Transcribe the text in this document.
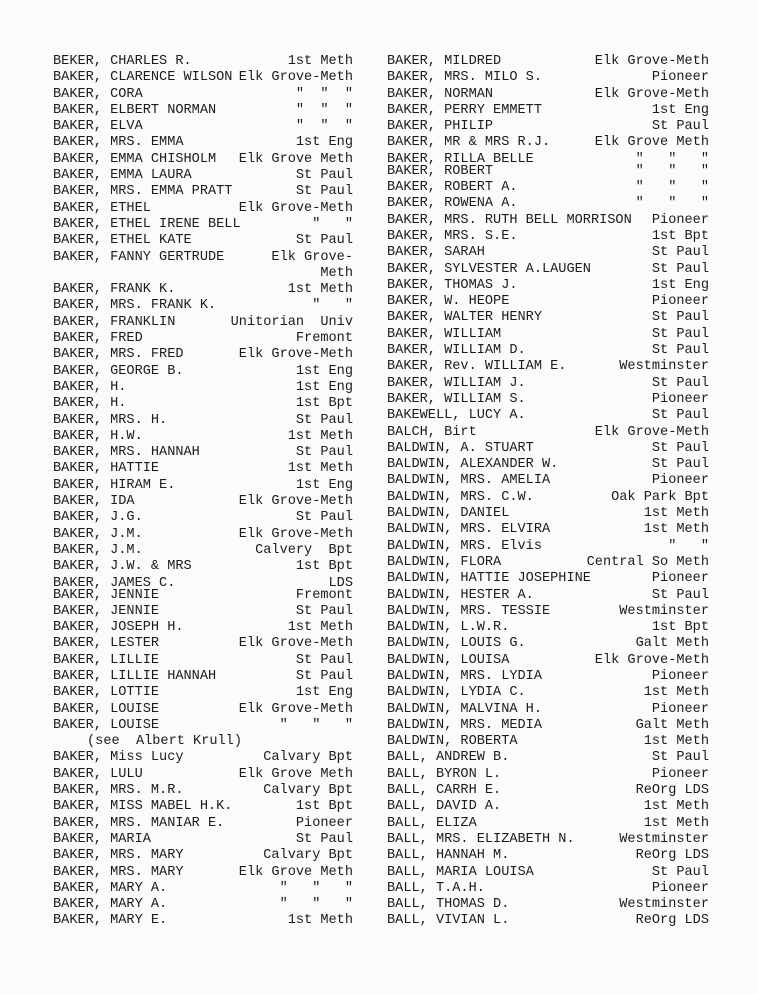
BEKER, CHARLES R.	1st Meth
BAKER, CLARENCE WILSON Elk Grove-Meth
BAKER, CORA	"  "  "
BAKER, ELBERT NORMAN	"  "  "
BAKER, ELVA	"  "  "
BAKER, MRS. EMMA	1st Eng
BAKER, EMMA CHISHOLM Elk Grove Meth
BAKER, EMMA LAURA	St Paul
BAKER, MRS. EMMA PRATT	St Paul
BAKER, ETHEL	Elk Grove-Meth
BAKER, ETHEL IRENE BELL	"   "
BAKER, ETHEL KATE	St Paul
BAKER, FANNY GERTRUDE	Elk Grove-Meth
BAKER, FRANK K.	1st Meth
BAKER, MRS. FRANK K.	"   "
BAKER, FRANKLIN	Unitorian  Univ
BAKER, FRED	Fremont
BAKER, MRS. FRED	Elk Grove-Meth
BAKER, GEORGE B.	1st Eng
BAKER, H.	1st Eng
BAKER, H.	1st Bpt
BAKER, MRS. H.	St Paul
BAKER, H.W.	1st Meth
BAKER, MRS. HANNAH	St Paul
BAKER, HATTIE	1st Meth
BAKER, HIRAM E.	1st Eng
BAKER, IDA	Elk Grove-Meth
BAKER, J.G.	St Paul
BAKER, J.M.	Elk Grove-Meth
BAKER, J.M.	Calvery  Bpt
BAKER, J.W. & MRS	1st Bpt
BAKER, JAMES C.	LDS
BAKER, JENNIE	Fremont
BAKER, JENNIE	St Paul
BAKER, JOSEPH H.	1st Meth
BAKER, LESTER	Elk Grove-Meth
BAKER, LILLIE	St Paul
BAKER, LILLIE HANNAH	St Paul
BAKER, LOTTIE	1st Eng
BAKER, LOUISE	Elk Grove-Meth
BAKER, LOUISE	"   "   "
(see  Albert Krull)
BAKER, Miss Lucy	Calvary Bpt
BAKER, LULU	Elk Grove Meth
BAKER, MRS. M.R.	Calvary Bpt
BAKER, MISS MABEL H.K.	1st Bpt
BAKER, MRS. MANIAR E.	Pioneer
BAKER, MARIA	St Paul
BAKER, MRS. MARY	Calvary Bpt
BAKER, MRS. MARY	Elk Grove Meth
BAKER, MARY A.	"   "   "
BAKER, MARY A.	"   "   "
BAKER, MARY E.	1st Meth
BAKER, MILDRED	Elk Grove-Meth
BAKER, MRS. MILO S.	Pioneer
BAKER, NORMAN	Elk Grove-Meth
BAKER, PERRY EMMETT	1st Eng
BAKER, PHILIP	St Paul
BAKER, MR & MRS R.J.	Elk Grove Meth
BAKER, RILLA BELLE	"   "   "
BAKER, ROBERT	"   "   "
BAKER, ROBERT A.	"   "   "
BAKER, ROWENA A.	"   "   "
BAKER, MRS. RUTH BELL MORRISON Pioneer
BAKER, MRS. S.E.	1st Bpt
BAKER, SARAH	St Paul
BAKER, SYLVESTER A.LAUGEN	St Paul
BAKER, THOMAS J.	1st Eng
BAKER, W. HEOPE	Pioneer
BAKER, WALTER HENRY	St Paul
BAKER, WILLIAM	St Paul
BAKER, WILLIAM D.	St Paul
BAKER, Rev. WILLIAM E.	Westminster
BAKER, WILLIAM J.	St Paul
BAKER, WILLIAM S.	Pioneer
BAKEWELL, LUCY A.	St Paul
BALCH, Birt	Elk Grove-Meth
BALDWIN, A. STUART	St Paul
BALDWIN, ALEXANDER W.	St Paul
BALDWIN, MRS. AMELIA	Pioneer
BALDWIN, MRS. C.W.	Oak Park Bpt
BALDWIN, DANIEL	1st Meth
BALDWIN, MRS. ELVIRA	1st Meth
BALDWIN, MRS. Elvis	"   "
BALDWIN, FLORA	Central So Meth
BALDWIN, HATTIE JOSEPHINE	Pioneer
BALDWIN, HESTER A.	St Paul
BALDWIN, MRS. TESSIE	Westminster
BALDWIN, L.W.R.	1st Bpt
BALDWIN, LOUIS G.	Galt Meth
BALDWIN, LOUISA	Elk Grove-Meth
BALDWIN, MRS. LYDIA	Pioneer
BALDWIN, LYDIA C.	1st Meth
BALDWIN, MALVINA H.	Pioneer
BALDWIN, MRS. MEDIA	Galt Meth
BALDWIN, ROBERTA	1st Meth
BALL, ANDREW B.	St Paul
BALL, BYRON L.	Pioneer
BALL, CARRH E.	ReOrg LDS
BALL, DAVID A.	1st Meth
BALL, ELIZA	1st Meth
BALL, MRS. ELIZABETH N.	Westminster
BALL, HANNAH M.	ReOrg LDS
BALL, MARIA LOUISA	St Paul
BALL, T.A.H.	Pioneer
BALL, THOMAS D.	Westminster
BALL, VIVIAN L.	ReOrg LDS
